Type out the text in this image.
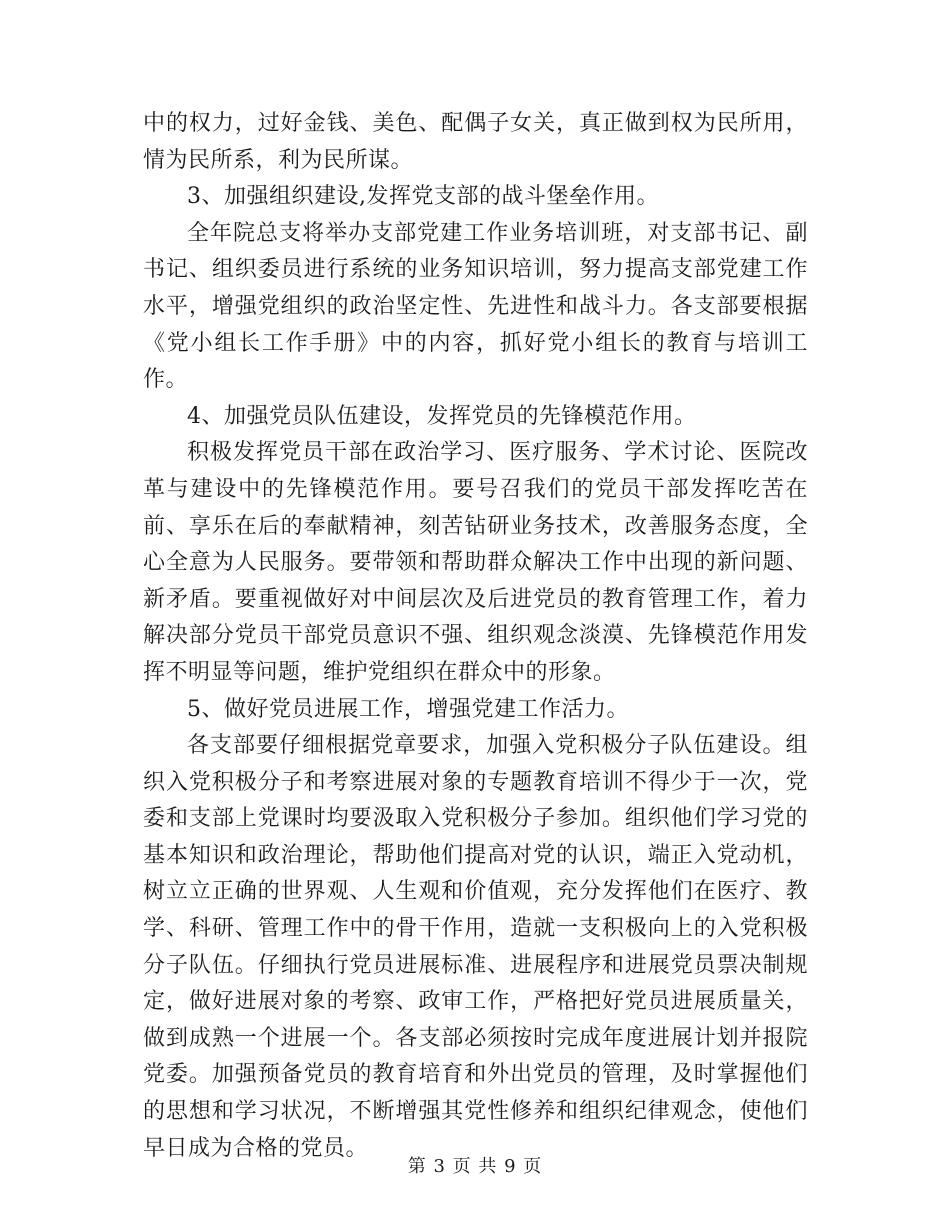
中的权力，过好金钱、美色、配偶子女关，真正做到权为民所用，情为民所系，利为民所谋。

3、加强组织建设,发挥党支部的战斗堡垒作用。

全年院总支将举办支部党建工作业务培训班，对支部书记、副书记、组织委员进行系统的业务知识培训，努力提高支部党建工作水平，增强党组织的政治坚定性、先进性和战斗力。各支部要根据《党小组长工作手册》中的内容，抓好党小组长的教育与培训工作。

4、加强党员队伍建设，发挥党员的先锋模范作用。

积极发挥党员干部在政治学习、医疗服务、学术讨论、医院改革与建设中的先锋模范作用。要号召我们的党员干部发挥吃苦在前、享乐在后的奉献精神，刻苦钻研业务技术，改善服务态度，全心全意为人民服务。要带领和帮助群众解决工作中出现的新问题、新矛盾。要重视做好对中间层次及后进党员的教育管理工作，着力解决部分党员干部党员意识不强、组织观念淡漠、先锋模范作用发挥不明显等问题，维护党组织在群众中的形象。

5、做好党员进展工作，增强党建工作活力。

各支部要仔细根据党章要求，加强入党积极分子队伍建设。组织入党积极分子和考察进展对象的专题教育培训不得少于一次，党委和支部上党课时均要汲取入党积极分子参加。组织他们学习党的基本知识和政治理论，帮助他们提高对党的认识，端正入党动机，树立立正确的世界观、人生观和价值观，充分发挥他们在医疗、教学、科研、管理工作中的骨干作用，造就一支积极向上的入党积极分子队伍。仔细执行党员进展标准、进展程序和进展党员票决制规定，做好进展对象的考察、政审工作，严格把好党员进展质量关，做到成熟一个进展一个。各支部必须按时完成年度进展计划并报院党委。加强预备党员的教育培育和外出党员的管理，及时掌握他们的思想和学习状况，不断增强其党性修养和组织纪律观念，使他们早日成为合格的党员。

第 3 页 共 9 页
